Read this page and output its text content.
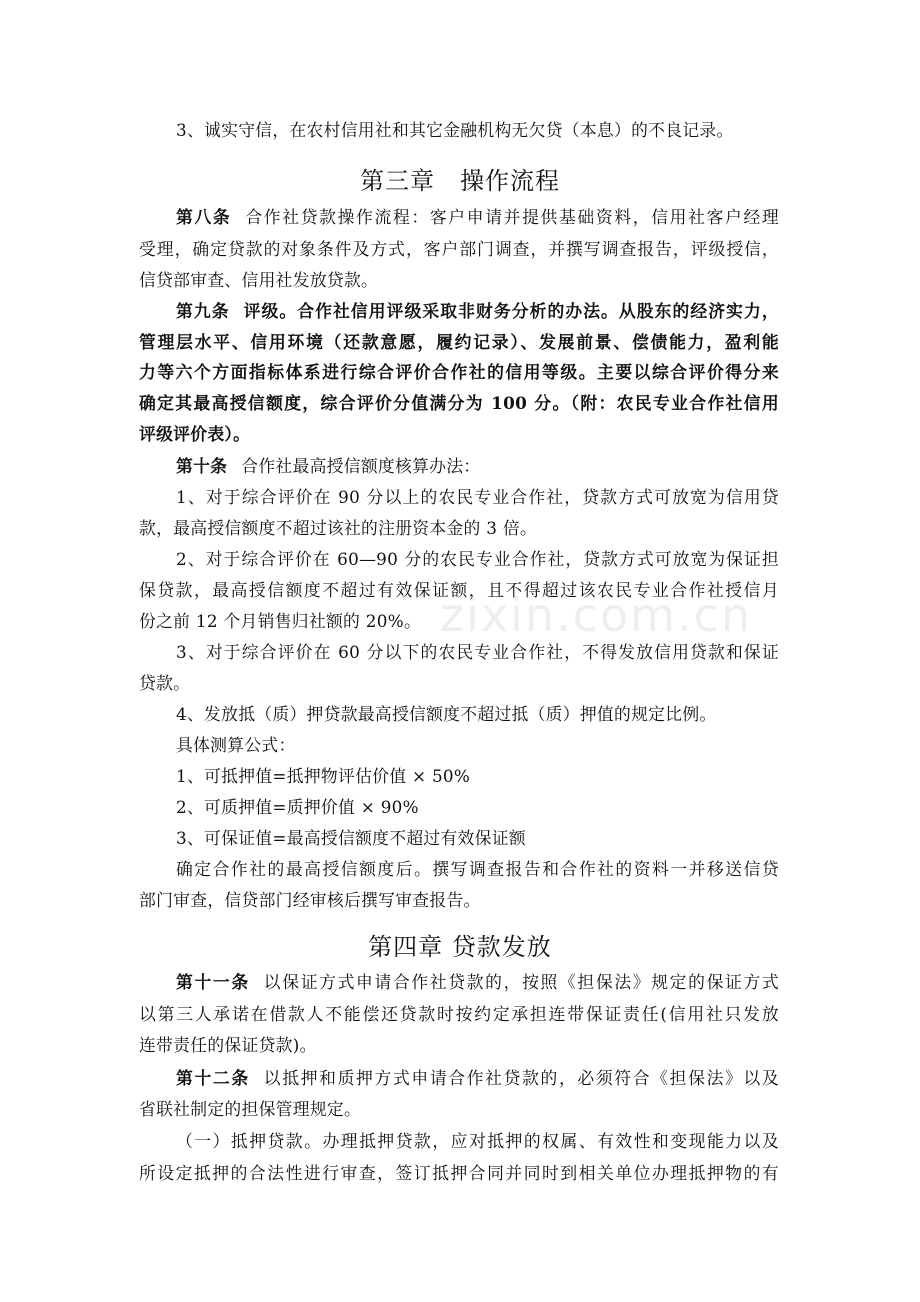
3、诚实守信，在农村信用社和其它金融机构无欠贷（本息）的不良记录。
第三章　操作流程
第八条 合作社贷款操作流程：客户申请并提供基础资料，信用社客户经理
受理，确定贷款的对象条件及方式，客户部门调查，并撰写调查报告，评级授信，
信贷部审查、信用社发放贷款。
第九条 评级。合作社信用评级采取非财务分析的办法。从股东的经济实力，
管理层水平、信用环境（还款意愿，履约记录）、发展前景、偿债能力，盈利能
力等六个方面指标体系进行综合评价合作社的信用等级。主要以综合评价得分来
确定其最高授信额度，综合评价分值满分为 100 分。（附：农民专业合作社信用
评级评价表）。
第十条 合作社最高授信额度核算办法：
1、对于综合评价在 90 分以上的农民专业合作社，贷款方式可放宽为信用贷
款，最高授信额度不超过该社的注册资本金的 3 倍。
2、对于综合评价在 60—90 分的农民专业合作社，贷款方式可放宽为保证担
保贷款，最高授信额度不超过有效保证额，且不得超过该农民专业合作社授信月
份之前 12 个月销售归社额的 20%。
3、对于综合评价在 60 分以下的农民专业合作社，不得发放信用贷款和保证
贷款。
4、发放抵（质）押贷款最高授信额度不超过抵（质）押值的规定比例。
具体测算公式：
1、可抵押值=抵押物评估价值 × 50%
2、可质押值=质押价值 × 90%
3、可保证值=最高授信额度不超过有效保证额
确定合作社的最高授信额度后。撰写调查报告和合作社的资料一并移送信贷
部门审查，信贷部门经审核后撰写审查报告。
第四章 贷款发放
第十一条 以保证方式申请合作社贷款的，按照《担保法》规定的保证方式
以第三人承诺在借款人不能偿还贷款时按约定承担连带保证责任(信用社只发放
连带责任的保证贷款)。
第十二条 以抵押和质押方式申请合作社贷款的，必须符合《担保法》以及
省联社制定的担保管理规定。
（一）抵押贷款。办理抵押贷款，应对抵押的权属、有效性和变现能力以及
所设定抵押的合法性进行审查，签订抵押合同并同时到相关单位办理抵押物的有
zixin.com.cn
